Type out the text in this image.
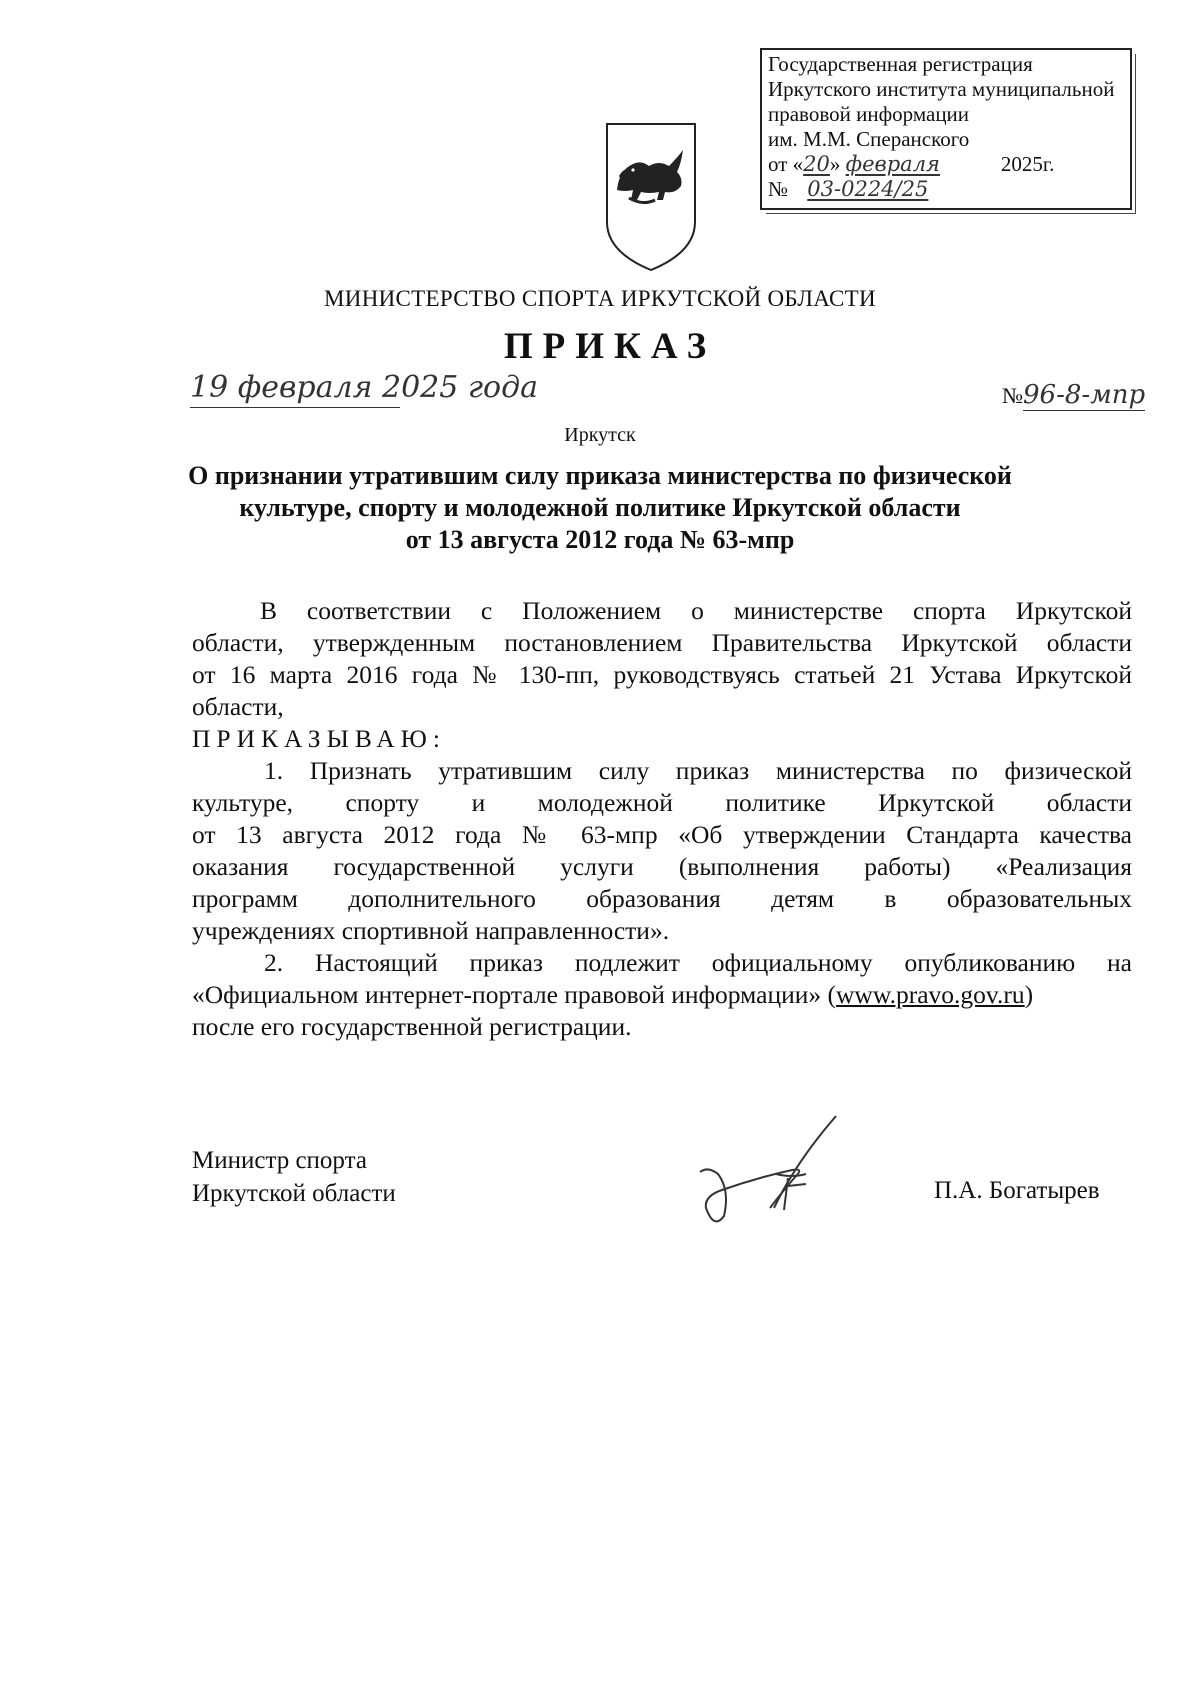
Государственная регистрация
Иркутского института муниципальной
правовой информации
им. М.М. Сперанского
от «20» февраля	2025г.
№ 03-0224/25
МИНИСТЕРСТВО СПОРТА ИРКУТСКОЙ ОБЛАСТИ
ПРИКАЗ
19 февраля 2025 года	№96-8-мпр
Иркутск
О признании утратившим силу приказа министерства по физической
культуре, спорту и молодежной политике Иркутской области
от 13 августа 2012 года № 63-мпр
В соответствии с Положением о министерстве спорта Иркутской
области, утвержденным постановлением Правительства Иркутской области
от 16 марта 2016 года № 130-пп, руководствуясь статьей 21 Устава Иркутской
области,
ПРИКАЗЫВАЮ:
1. Признать утратившим силу приказ министерства по физической
культуре, спорту и молодежной политике Иркутской области
от 13 августа 2012 года № 63-мпр «Об утверждении Стандарта качества
оказания государственной услуги (выполнения работы) «Реализация
программ дополнительного образования детям в образовательных
учреждениях спортивной направленности».
2. Настоящий приказ подлежит официальному опубликованию на
«Официальном интернет-портале правовой информации» (www.pravo.gov.ru)
после его государственной регистрации.
Министр спорта
Иркутской области	П.А. Богатырев
